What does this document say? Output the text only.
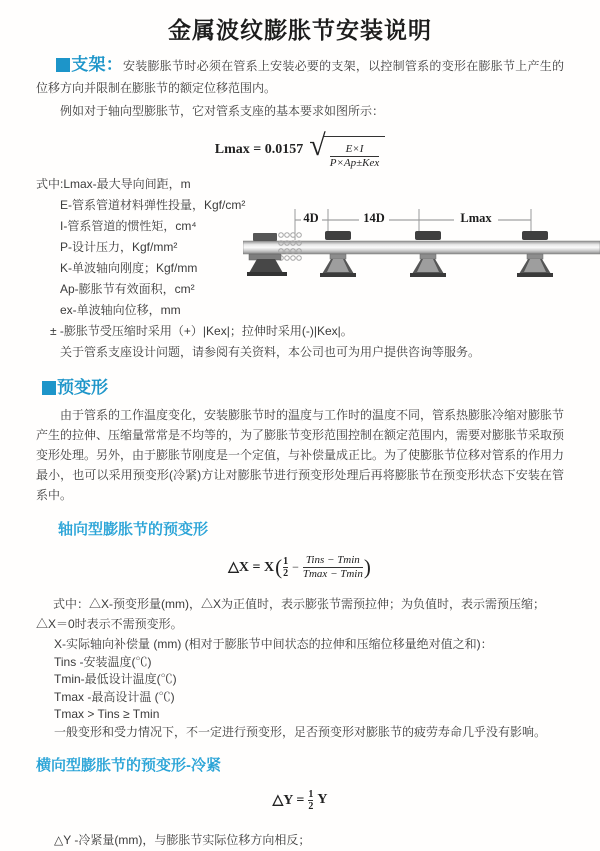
金属波纹膨胀节安装说明

支架：安装膨胀节时必须在管系上安装必要的支架，以控制管系的变形在膨胀节上产生的位移方向并限制在膨胀节的额定位移范围内。

例如对于轴向型膨胀节，它对管系支座的基本要求如图所示：

Lmax = 0.0157 √ $\frac{E\times I}{\text{P×Ap±Kex}}$
式中:Lmax-最大导向间距，m
E-管系管道材料弹性投量，Kgf/cm²
I-管系管道的惯性矩，cm⁴
P-设计压力，Kgf/mm²
K-单波轴向刚度；Kgf/mm
Ap-膨胀节有效面积，cm²
ex-单波轴向位移，mm
± -膨胀节受压缩时采用（+）|Kex|；拉伸时采用(-)|Kex|。
关于管系支座设计问题，请参阅有关资料，本公司也可为用户提供咨询等服务。
4D	14D	Lmax
预变形

由于管系的工作温度变化，安装膨胀节时的温度与工作时的温度不同，管系热膨胀冷缩对膨胀节产生的拉伸、压缩量常常是不均等的，为了膨胀节变形范围控制在额定范围内，需要对膨胀节采取预变形处理。另外，由于膨胀节刚度是一个定值，与补偿量成正比。为了使膨胀节位移对管系的作用力最小，也可以采用预变形(冷紧)方让对膨胀节进行预变形处理后再将膨胀节在预变形状态下安装在管系中。

轴向型膨胀节的预变形
△X = X ( $\frac{1}{2} - \frac{\text{Tins − Tmin}}{Tmax - Tmin}$ )

式中：△X-预变形量(mm)，△X为正值时，表示膨张节需预拉伸；为负值时，表示需预压缩；△X＝0时表示不需预变形。

X-实际轴向补偿量 (mm) (相对于膨胀节中间状态的拉伸和压缩位移量绝对值之和)：
Tins -安装温度(℃)
Tmin-最低设计温度(℃)
Tmax -最高设计温 (℃)
Tmax > Tins ≥ Tmin
一般变形和受力情况下，不一定进行预变形，足否预变形对膨胀节的疲劳寿命几乎没有影响。
横向型膨胀节的预变形-冷紧
△Y = $\frac{1}{2}$ Y

△Y -冷紧量(mm)，与膨胀节实际位移方向相反；
